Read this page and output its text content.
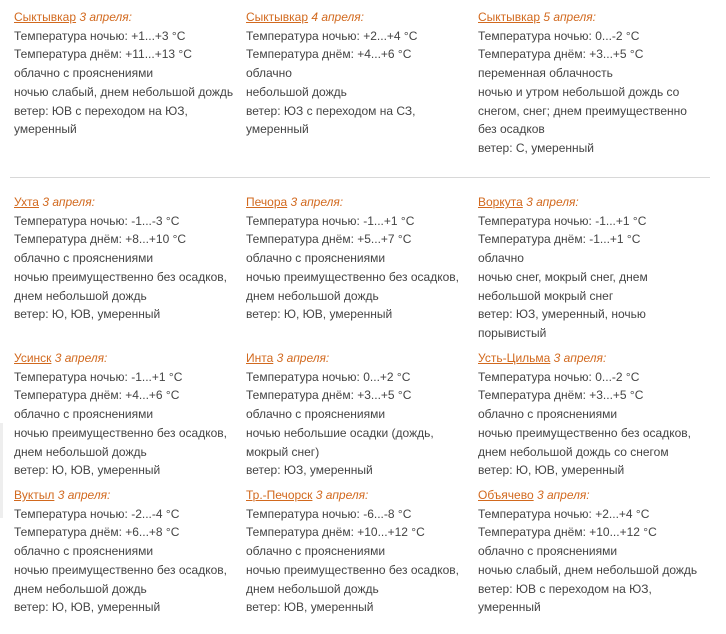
Сыктывкар 3 апреля:
Температура ночью: +1...+3 °C
Температура днём: +11...+13 °C
облачно с прояснениями
ночью слабый, днем небольшой дождь
ветер: ЮВ с переходом на ЮЗ, умеренный
Сыктывкар 4 апреля:
Температура ночью: +2...+4 °C
Температура днём: +4...+6 °C
облачно
небольшой дождь
ветер: ЮЗ с переходом на СЗ, умеренный
Сыктывкар 5 апреля:
Температура ночью: 0...-2 °C
Температура днём: +3...+5 °C
переменная облачность
ночью и утром небольшой дождь со снегом, снег; днем преимущественно без осадков
ветер: С, умеренный
Ухта 3 апреля:
Температура ночью: -1...-3 °C
Температура днём: +8...+10 °C
облачно с прояснениями
ночью преимущественно без осадков, днем небольшой дождь
ветер: Ю, ЮВ, умеренный
Печора 3 апреля:
Температура ночью: -1...+1 °C
Температура днём: +5...+7 °C
облачно с прояснениями
ночью преимущественно без осадков, днем небольшой дождь
ветер: Ю, ЮВ, умеренный
Воркута 3 апреля:
Температура ночью: -1...+1 °C
Температура днём: -1...+1 °C
облачно
ночью снег, мокрый снег, днем небольшой мокрый снег
ветер: ЮЗ, умеренный, ночью порывистый
Усинск 3 апреля:
Температура ночью: -1...+1 °C
Температура днём: +4...+6 °C
облачно с прояснениями
ночью преимущественно без осадков, днем небольшой дождь
ветер: Ю, ЮВ, умеренный
Инта 3 апреля:
Температура ночью: 0...+2 °C
Температура днём: +3...+5 °C
облачно с прояснениями
ночью небольшие осадки (дождь, мокрый снег)
ветер: ЮЗ, умеренный
Усть-Цильма 3 апреля:
Температура ночью: 0...-2 °C
Температура днём: +3...+5 °C
облачно с прояснениями
ночью преимущественно без осадков, днем небольшой дождь со снегом
ветер: Ю, ЮВ, умеренный
Вуктыл 3 апреля:
Температура ночью: -2...-4 °C
Температура днём: +6...+8 °C
облачно с прояснениями
ночью преимущественно без осадков, днем небольшой дождь
ветер: Ю, ЮВ, умеренный
Тр.-Печорск 3 апреля:
Температура ночью: -6...-8 °C
Температура днём: +10...+12 °C
облачно с прояснениями
ночью преимущественно без осадков, днем небольшой дождь
ветер: ЮВ, умеренный
Объячево 3 апреля:
Температура ночью: +2...+4 °C
Температура днём: +10...+12 °C
облачно с прояснениями
ночью слабый, днем небольшой дождь
ветер: ЮВ с переходом на ЮЗ, умеренный
